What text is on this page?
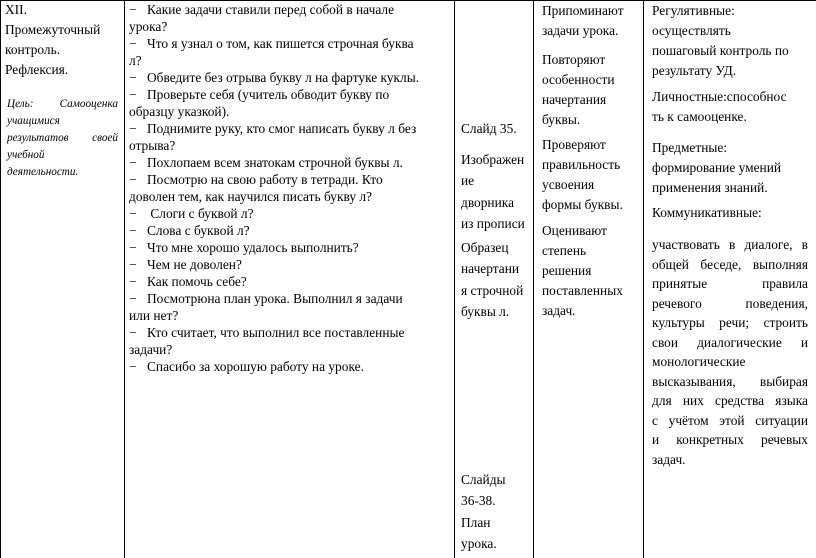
XII.
Промежуточный
контроль.
Рефлексия.
Цель: Самооценка
учащимися
результатов своей
учебной
деятельности.
− Какие задачи ставили перед собой в начале
урока?
− Что я узнал о том, как пишется строчная буква
л?
− Обведите без отрыва букву л на фартуке куклы.
− Проверьте себя (учитель обводит букву по
образцу указкой).
− Поднимите руку, кто смог написать букву л без
отрыва?
− Похлопаем всем знатокам строчной буквы л.
− Посмотрю на свою работу в тетради. Кто
доволен тем, как научился писать букву л?
− Слоги с буквой л?
− Слова с буквой л?
− Что мне хорошо удалось выполнить?
− Чем не доволен?
− Как помочь себе?
− Посмотрюна план урока. Выполнил я задачи
или нет?
− Кто считает, что выполнил все поставленные
задачи?
− Спасибо за хорошую работу на уроке.

Слайд 35.

Изображен

ие

дворника

из прописи

Образец

начертани

я строчной

буквы л.

Слайды

36-38.

План

урока.

Припоминают

задачи урока.

Повторяют

особенности

начертания

буквы.

Проверяют

правильность

усвоения

формы буквы.

Оценивают

степень

решения

поставленных

задач.

Регулятивные:

осуществлять

пошаговый контроль по

результату УД.

Личностные:способнос

ть к самооценке.

Предметные:

формирование умений

применения знаний.

Коммуникативные:

участвовать в диалоге, в

общей беседе, выполняя

принятые правила

речевого поведения,

культуры речи; строить

свои диалогические и

монологические

высказывания, выбирая

для них средства языка

с учётом этой ситуации

и конкретных речевых

задач.
